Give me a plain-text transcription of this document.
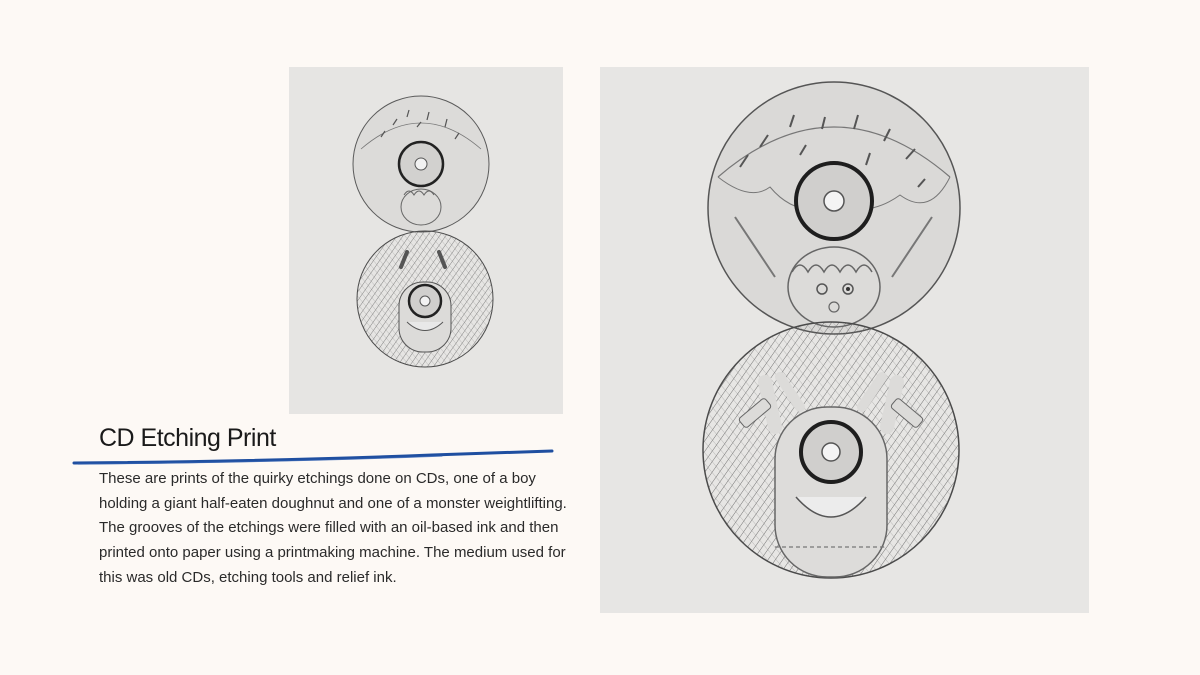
CD Etching Print
These are prints of the quirky etchings done on CDs, one of a boy holding a giant half-eaten doughnut and one of a monster weightlifting. The grooves of the etchings were filled with an oil-based ink and then printed onto paper using a printmaking machine. The medium used for this was old CDs, etching tools and relief ink.
